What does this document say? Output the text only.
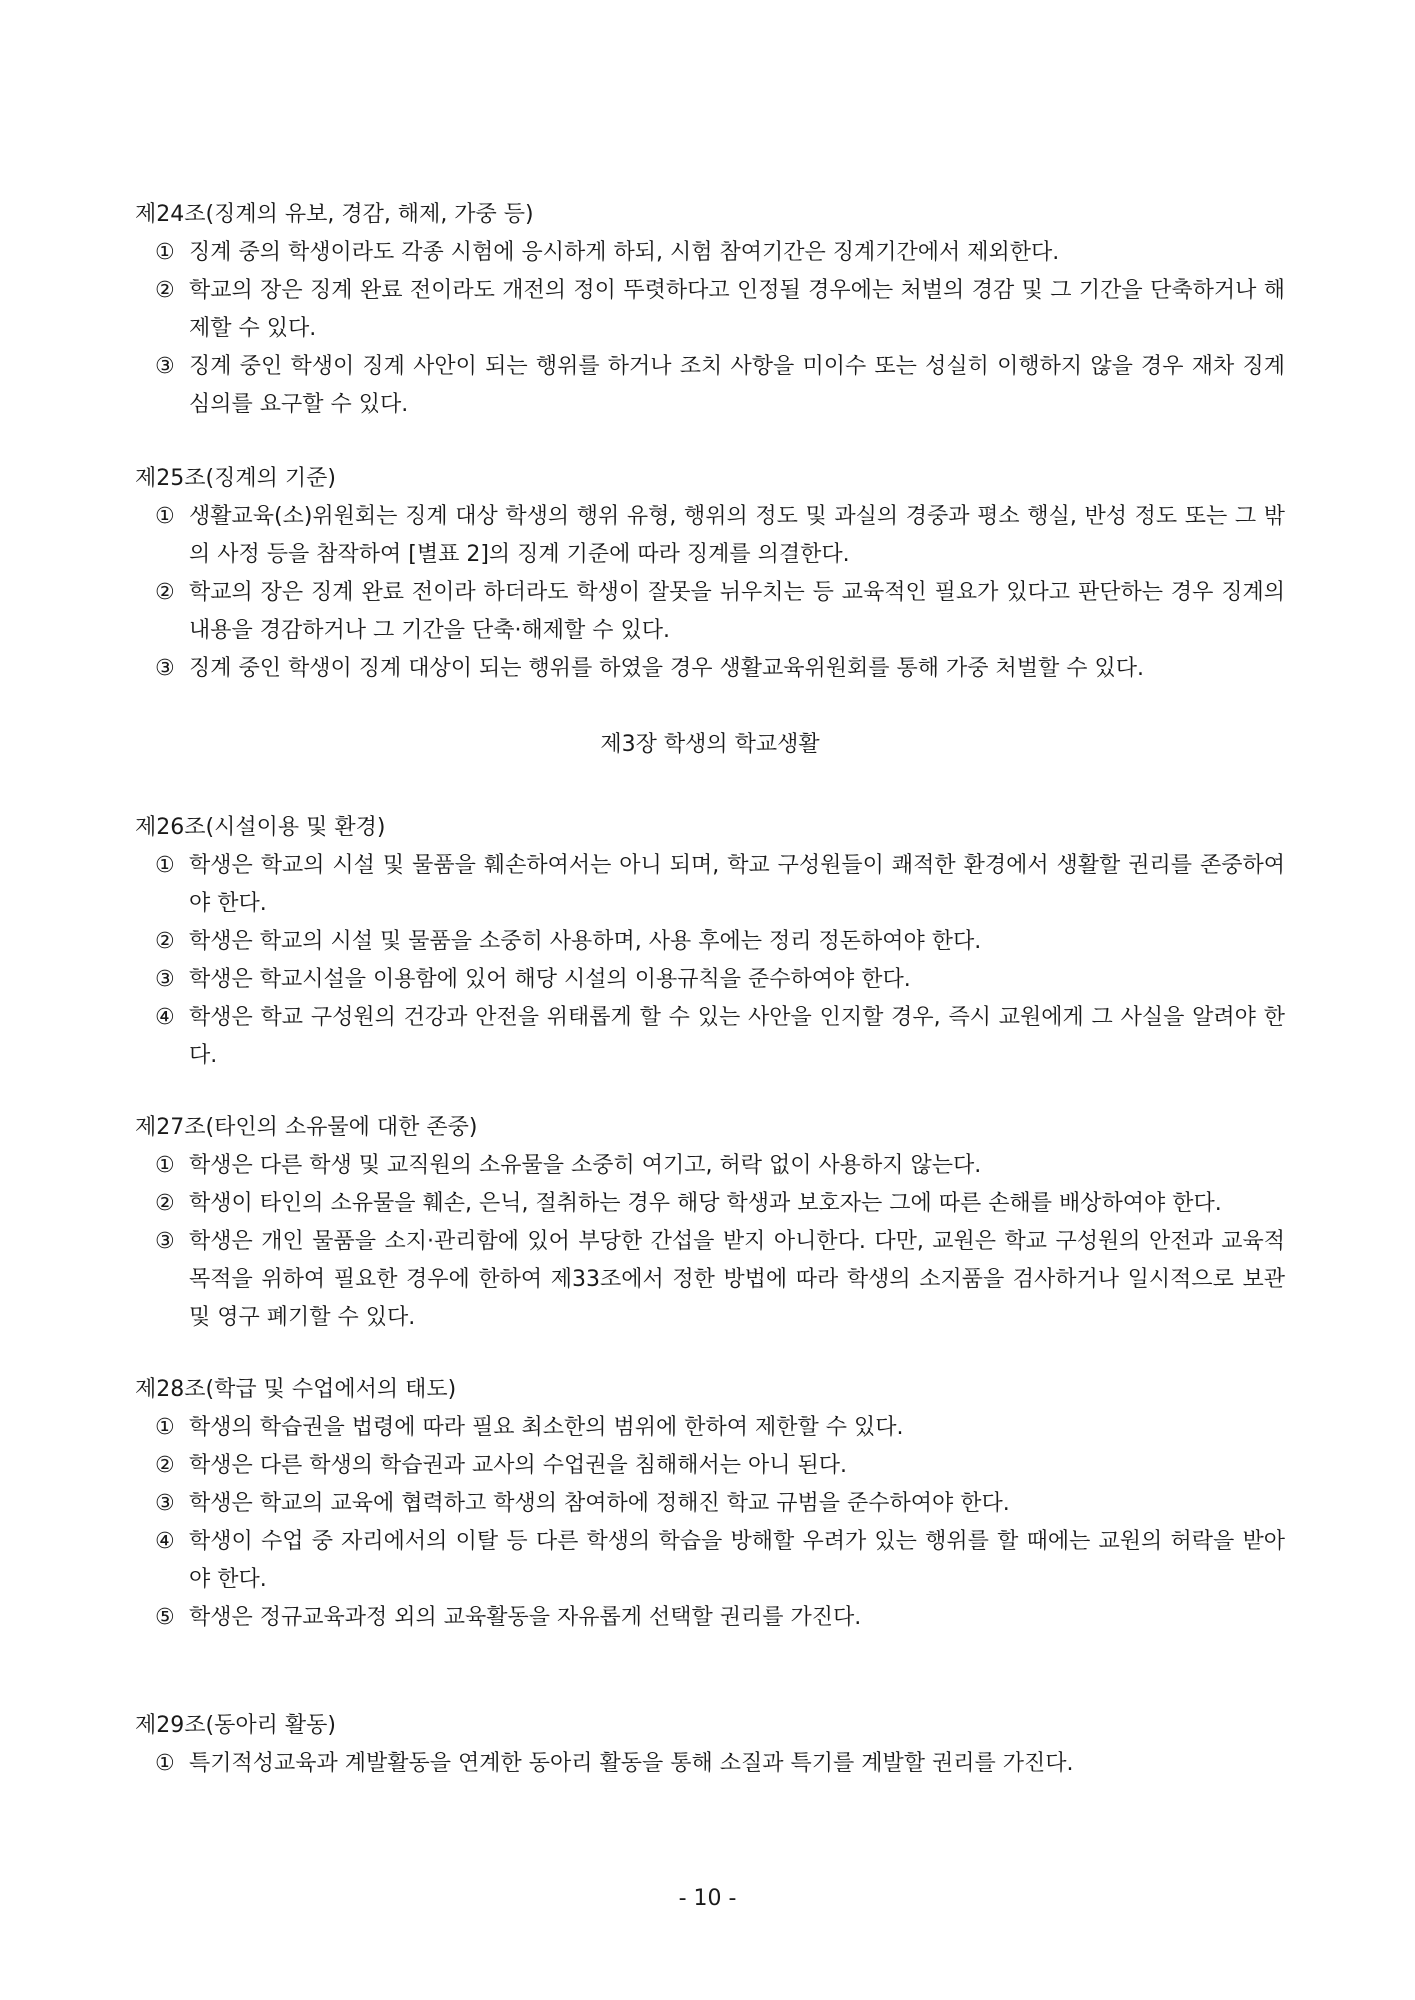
제24조(징계의 유보, 경감, 해제, 가중 등)
① 징계 중의 학생이라도 각종 시험에 응시하게 하되, 시험 참여기간은 징계기간에서 제외한다.
② 학교의 장은 징계 완료 전이라도 개전의 정이 뚜렷하다고 인정될 경우에는 처벌의 경감 및 그 기간을 단축하거나 해제할 수 있다.
③ 징계 중인 학생이 징계 사안이 되는 행위를 하거나 조치 사항을 미이수 또는 성실히 이행하지 않을 경우 재차 징계 심의를 요구할 수 있다.
제25조(징계의 기준)
① 생활교육(소)위원회는 징계 대상 학생의 행위 유형, 행위의 정도 및 과실의 경중과 평소 행실, 반성 정도 또는 그 밖의 사정 등을 참작하여 [별표 2]의 징계 기준에 따라 징계를 의결한다.
② 학교의 장은 징계 완료 전이라 하더라도 학생이 잘못을 뉘우치는 등 교육적인 필요가 있다고 판단하는 경우 징계의 내용을 경감하거나 그 기간을 단축·해제할 수 있다.
③ 징계 중인 학생이 징계 대상이 되는 행위를 하였을 경우 생활교육위원회를 통해 가중 처벌할 수 있다.
제3장 학생의 학교생활
제26조(시설이용 및 환경)
① 학생은 학교의 시설 및 물품을 훼손하여서는 아니 되며, 학교 구성원들이 쾌적한 환경에서 생활할 권리를 존중하여야 한다.
② 학생은 학교의 시설 및 물품을 소중히 사용하며, 사용 후에는 정리 정돈하여야 한다.
③ 학생은 학교시설을 이용함에 있어 해당 시설의 이용규칙을 준수하여야 한다.
④ 학생은 학교 구성원의 건강과 안전을 위태롭게 할 수 있는 사안을 인지할 경우, 즉시 교원에게 그 사실을 알려야 한다.
제27조(타인의 소유물에 대한 존중)
① 학생은 다른 학생 및 교직원의 소유물을 소중히 여기고, 허락 없이 사용하지 않는다.
② 학생이 타인의 소유물을 훼손, 은닉, 절취하는 경우 해당 학생과 보호자는 그에 따른 손해를 배상하여야 한다.
③ 학생은 개인 물품을 소지·관리함에 있어 부당한 간섭을 받지 아니한다. 다만, 교원은 학교 구성원의 안전과 교육적 목적을 위하여 필요한 경우에 한하여 제33조에서 정한 방법에 따라 학생의 소지품을 검사하거나 일시적으로 보관 및 영구 폐기할 수 있다.
제28조(학급 및 수업에서의 태도)
① 학생의 학습권을 법령에 따라 필요 최소한의 범위에 한하여 제한할 수 있다.
② 학생은 다른 학생의 학습권과 교사의 수업권을 침해해서는 아니 된다.
③ 학생은 학교의 교육에 협력하고 학생의 참여하에 정해진 학교 규범을 준수하여야 한다.
④ 학생이 수업 중 자리에서의 이탈 등 다른 학생의 학습을 방해할 우려가 있는 행위를 할 때에는 교원의 허락을 받아야 한다.
⑤ 학생은 정규교육과정 외의 교육활동을 자유롭게 선택할 권리를 가진다.
제29조(동아리 활동)
① 특기적성교육과 계발활동을 연계한 동아리 활동을 통해 소질과 특기를 계발할 권리를 가진다.
- 10 -
